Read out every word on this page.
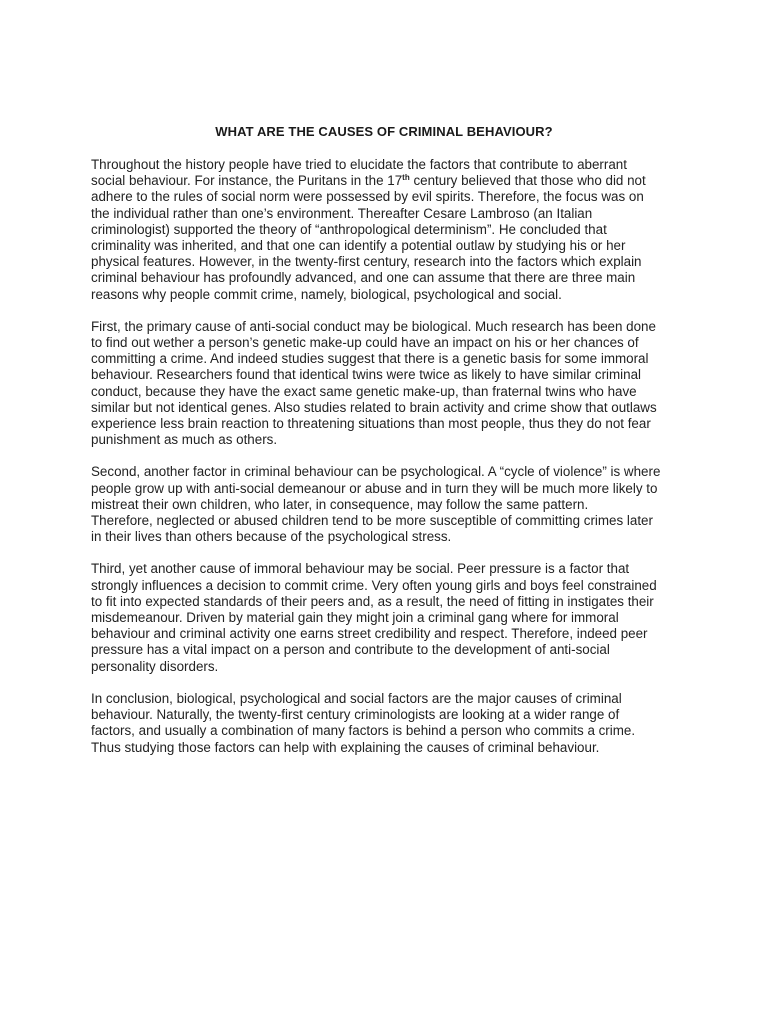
WHAT ARE THE CAUSES OF CRIMINAL BEHAVIOUR?

Throughout the history people have tried to elucidate the factors that contribute to aberrant
social behaviour. For instance, the Puritans in the 17th century believed that those who did not
adhere to the rules of social norm were possessed by evil spirits. Therefore, the focus was on
the individual rather than one’s environment. Thereafter Cesare Lambroso (an Italian
criminologist) supported the theory of “anthropological determinism”. He concluded that
criminality was inherited, and that one can identify a potential outlaw by studying his or her
physical features. However, in the twenty-first century, research into the factors which explain
criminal behaviour has profoundly advanced, and one can assume that there are three main
reasons why people commit crime, namely, biological, psychological and social.

First, the primary cause of anti-social conduct may be biological. Much research has been done
to find out wether a person’s genetic make-up could have an impact on his or her chances of
committing a crime. And indeed studies suggest that there is a genetic basis for some immoral
behaviour. Researchers found that identical twins were twice as likely to have similar criminal
conduct, because they have the exact same genetic make-up, than fraternal twins who have
similar but not identical genes. Also studies related to brain activity and crime show that outlaws
experience less brain reaction to threatening situations than most people, thus they do not fear
punishment as much as others.

Second, another factor in criminal behaviour can be psychological. A “cycle of violence” is where
people grow up with anti-social demeanour or abuse and in turn they will be much more likely to
mistreat their own children, who later, in consequence, may follow the same pattern.
Therefore, neglected or abused children tend to be more susceptible of committing crimes later
in their lives than others because of the psychological stress.

Third, yet another cause of immoral behaviour may be social. Peer pressure is a factor that
strongly influences a decision to commit crime. Very often young girls and boys feel constrained
to fit into expected standards of their peers and, as a result, the need of fitting in instigates their
misdemeanour. Driven by material gain they might join a criminal gang where for immoral
behaviour and criminal activity one earns street credibility and respect. Therefore, indeed peer
pressure has a vital impact on a person and contribute to the development of anti-social
personality disorders.

In conclusion, biological, psychological and social factors are the major causes of criminal
behaviour. Naturally, the twenty-first century criminologists are looking at a wider range of
factors, and usually a combination of many factors is behind a person who commits a crime.
Thus studying those factors can help with explaining the causes of criminal behaviour.
